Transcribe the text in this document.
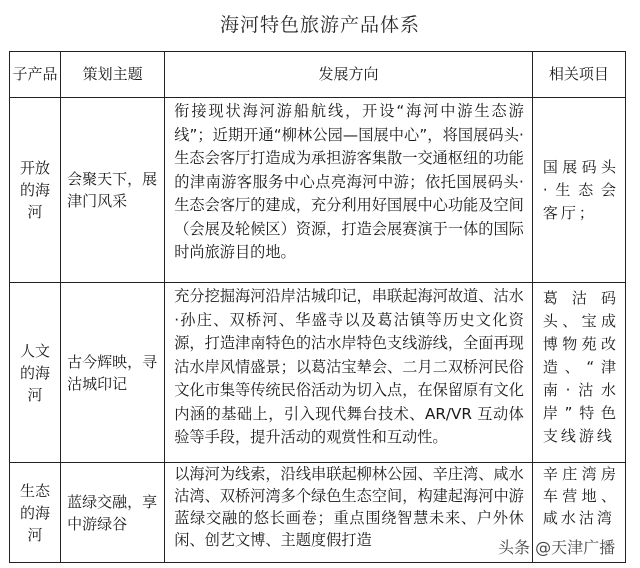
海河特色旅游产品体系
子产品	策划主题	发展方向	相关项目
开放的海河	会聚天下，展津门风采	衔接现状海河游船航线，开设“海河中游生态游线”；近期开通“柳林公园—国展中心”，将国展码头·生态会客厅打造成为承担游客集散一交通枢纽的功能的津南游客服务中心点亮海河中游；依托国展码头·生态会客厅的建成，充分利用好国展中心功能及空间（会展及轮候区）资源，打造会展赛演于一体的国际时尚旅游目的地。	国展码头·生态会客厅；
人文的海河	古今辉映，寻沽城印记	充分挖掘海河沿岸沽城印记，串联起海河故道、沽水·孙庄、双桥河、华盛寺以及葛沽镇等历史文化资源，打造津南特色的沽水岸特色支线游线，全面再现沽水岸风情盛景；以葛沽宝辇会、二月二双桥河民俗文化市集等传统民俗活动为切入点，在保留原有文化内涵的基础上，引入现代舞台技术、AR/VR 互动体验等手段，提升活动的观赏性和互动性。	葛沽码头、宝成博物苑改造、“津南·沽水岸”特色支线游线
生态的海河	蓝绿交融，享中游绿谷	以海河为线索，沿线串联起柳林公园、辛庄湾、咸水沽湾、双桥河湾多个绿色生态空间，构建起海河中游蓝绿交融的悠长画卷；重点围绕智慧未来、户外休闲、创艺文博、主题度假打造	辛庄湾房车营地、咸水沽湾
头条 @天津广播
